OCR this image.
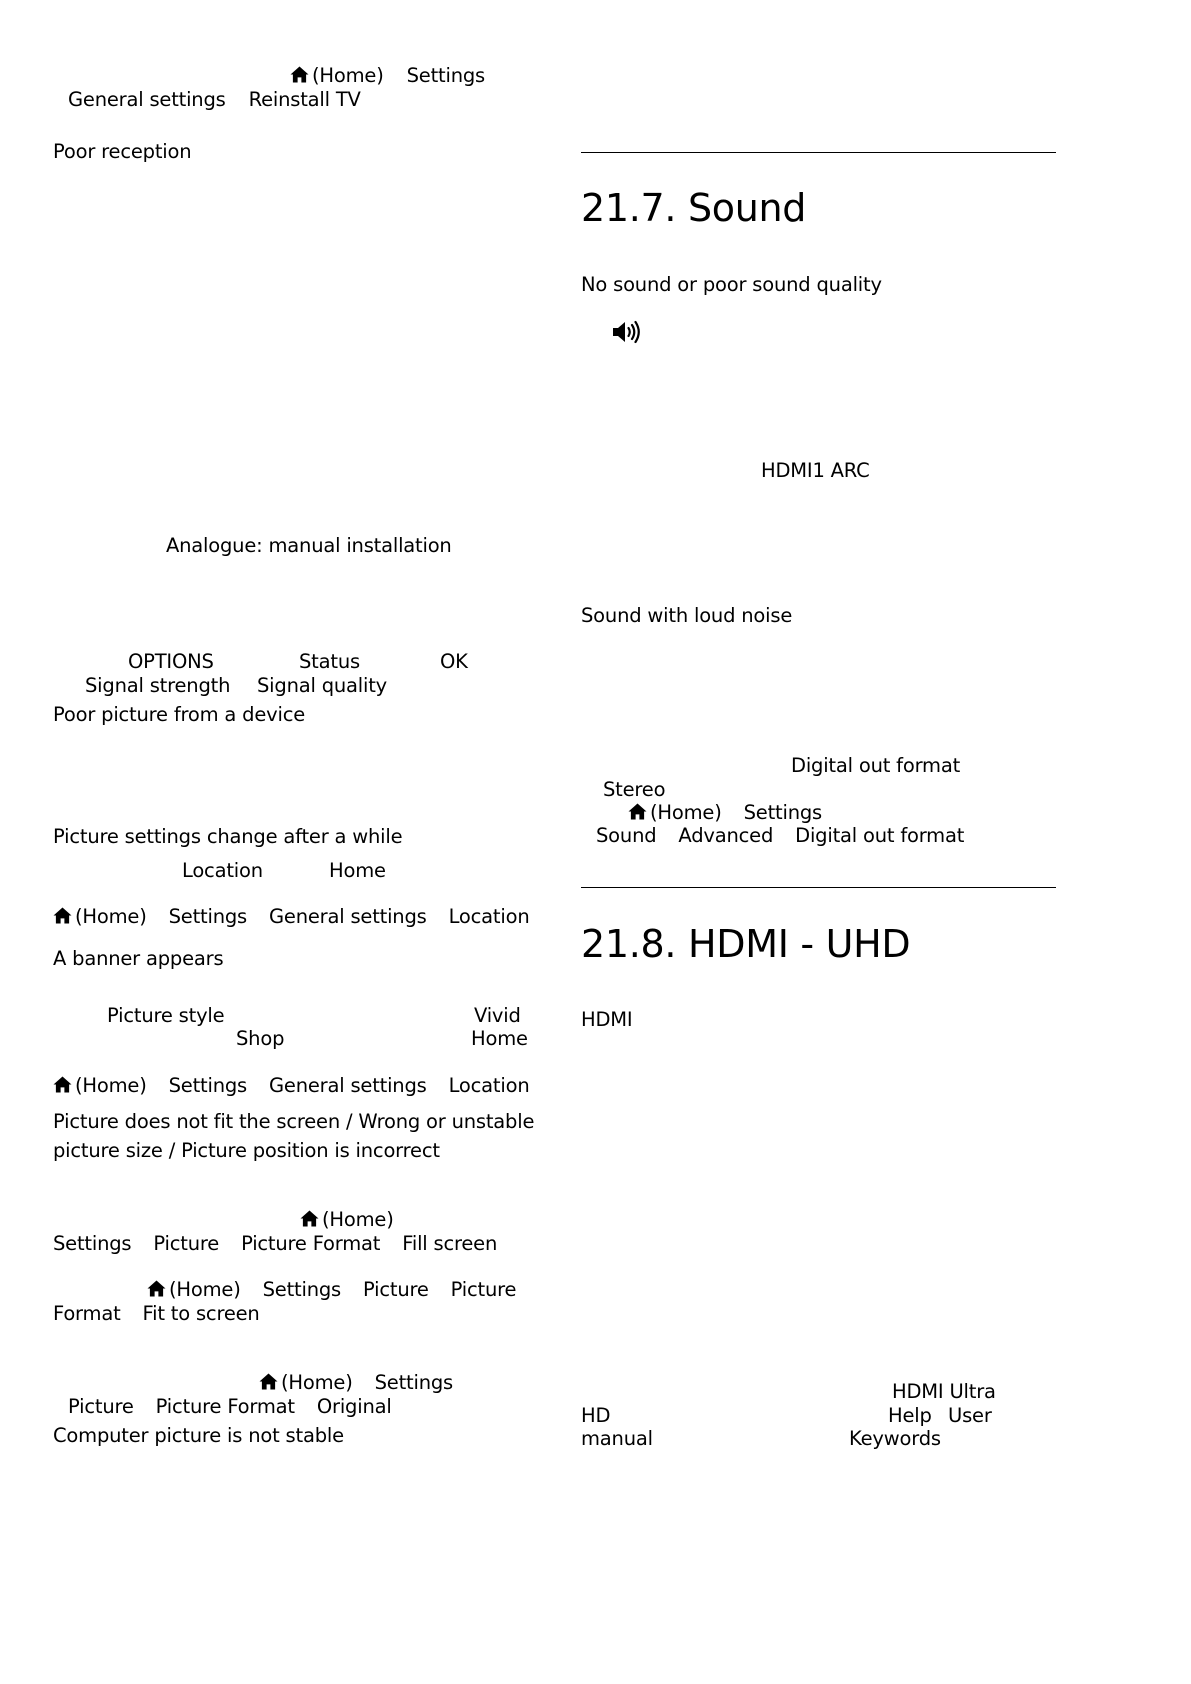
(Home) Settings
General settings Reinstall TV
Poor reception
Analogue: manual installation
OPTIONS	Status	OK
Signal strength Signal quality
Poor picture from a device
Picture settings change after a while
Location	Home
(Home) Settings General settings Location
A banner appears
Picture style	Vivid
Shop	Home
(Home) Settings General settings Location
Picture does not fit the screen / Wrong or unstable
picture size / Picture position is incorrect
(Home)
Settings Picture Picture Format Fill screen
(Home) Settings Picture Picture
Format Fit to screen
(Home) Settings
Picture Picture Format Original
Computer picture is not stable
21.7. Sound
No sound or poor sound quality
HDMI1 ARC
Sound with loud noise
Digital out format
Stereo
(Home) Settings
Sound Advanced Digital out format
21.8. HDMI - UHD
HDMI
HDMI Ultra
HD	Help User
manual	Keywords
